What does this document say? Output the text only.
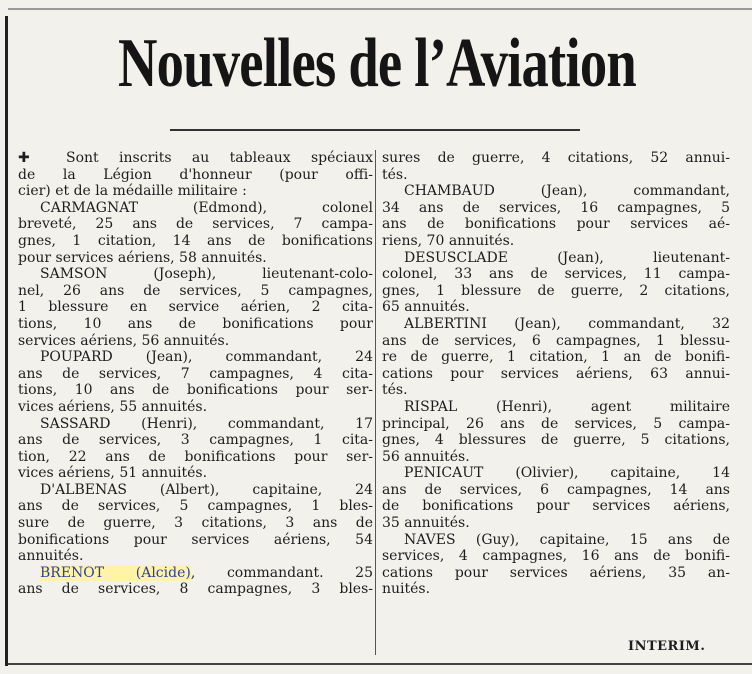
Nouvelles de l’Aviation
✚ Sont inscrits au tableaux spéciaux
de la Légion d'honneur (pour offi-
cier) et de la médaille militaire :
CARMAGNAT (Edmond), colonel
breveté, 25 ans de services, 7 campa-
gnes, 1 citation, 14 ans de bonifications
pour services aériens, 58 annuités.
SAMSON (Joseph), lieutenant-colo-
nel, 26 ans de services, 5 campagnes,
1 blessure en service aérien, 2 cita-
tions, 10 ans de bonifications pour
services aériens, 56 annuités.
POUPARD (Jean), commandant, 24
ans de services, 7 campagnes, 4 cita-
tions, 10 ans de bonifications pour ser-
vices aériens, 55 annuités.
SASSARD (Henri), commandant, 17
ans de services, 3 campagnes, 1 cita-
tion, 22 ans de bonifications pour ser-
vices aériens, 51 annuités.
D'ALBENAS (Albert), capitaine, 24
ans de services, 5 campagnes, 1 bles-
sure de guerre, 3 citations, 3 ans de
bonifications pour services aériens, 54
annuités.
BRENOT (Alcide), commandant. 25
ans de services, 8 campagnes, 3 bles-
sures de guerre, 4 citations, 52 annui-
tés.
CHAMBAUD (Jean), commandant,
34 ans de services, 16 campagnes, 5
ans de bonifications pour services aé-
riens, 70 annuités.
DESUSCLADE (Jean), lieutenant-
colonel, 33 ans de services, 11 campa-
gnes, 1 blessure de guerre, 2 citations,
65 annuités.
ALBERTINI (Jean), commandant, 32
ans de services, 6 campagnes, 1 blessu-
re de guerre, 1 citation, 1 an de bonifi-
cations pour services aériens, 63 annui-
tés.
RISPAL (Henri), agent militaire
principal, 26 ans de services, 5 campa-
gnes, 4 blessures de guerre, 5 citations,
56 annuités.
PENICAUT (Olivier), capitaine, 14
ans de services, 6 campagnes, 14 ans
de bonifications pour services aériens,
35 annuités.
NAVES (Guy), capitaine, 15 ans de
services, 4 campagnes, 16 ans de bonifi-
cations pour services aériens, 35 an-
nuités.
INTERIM.
